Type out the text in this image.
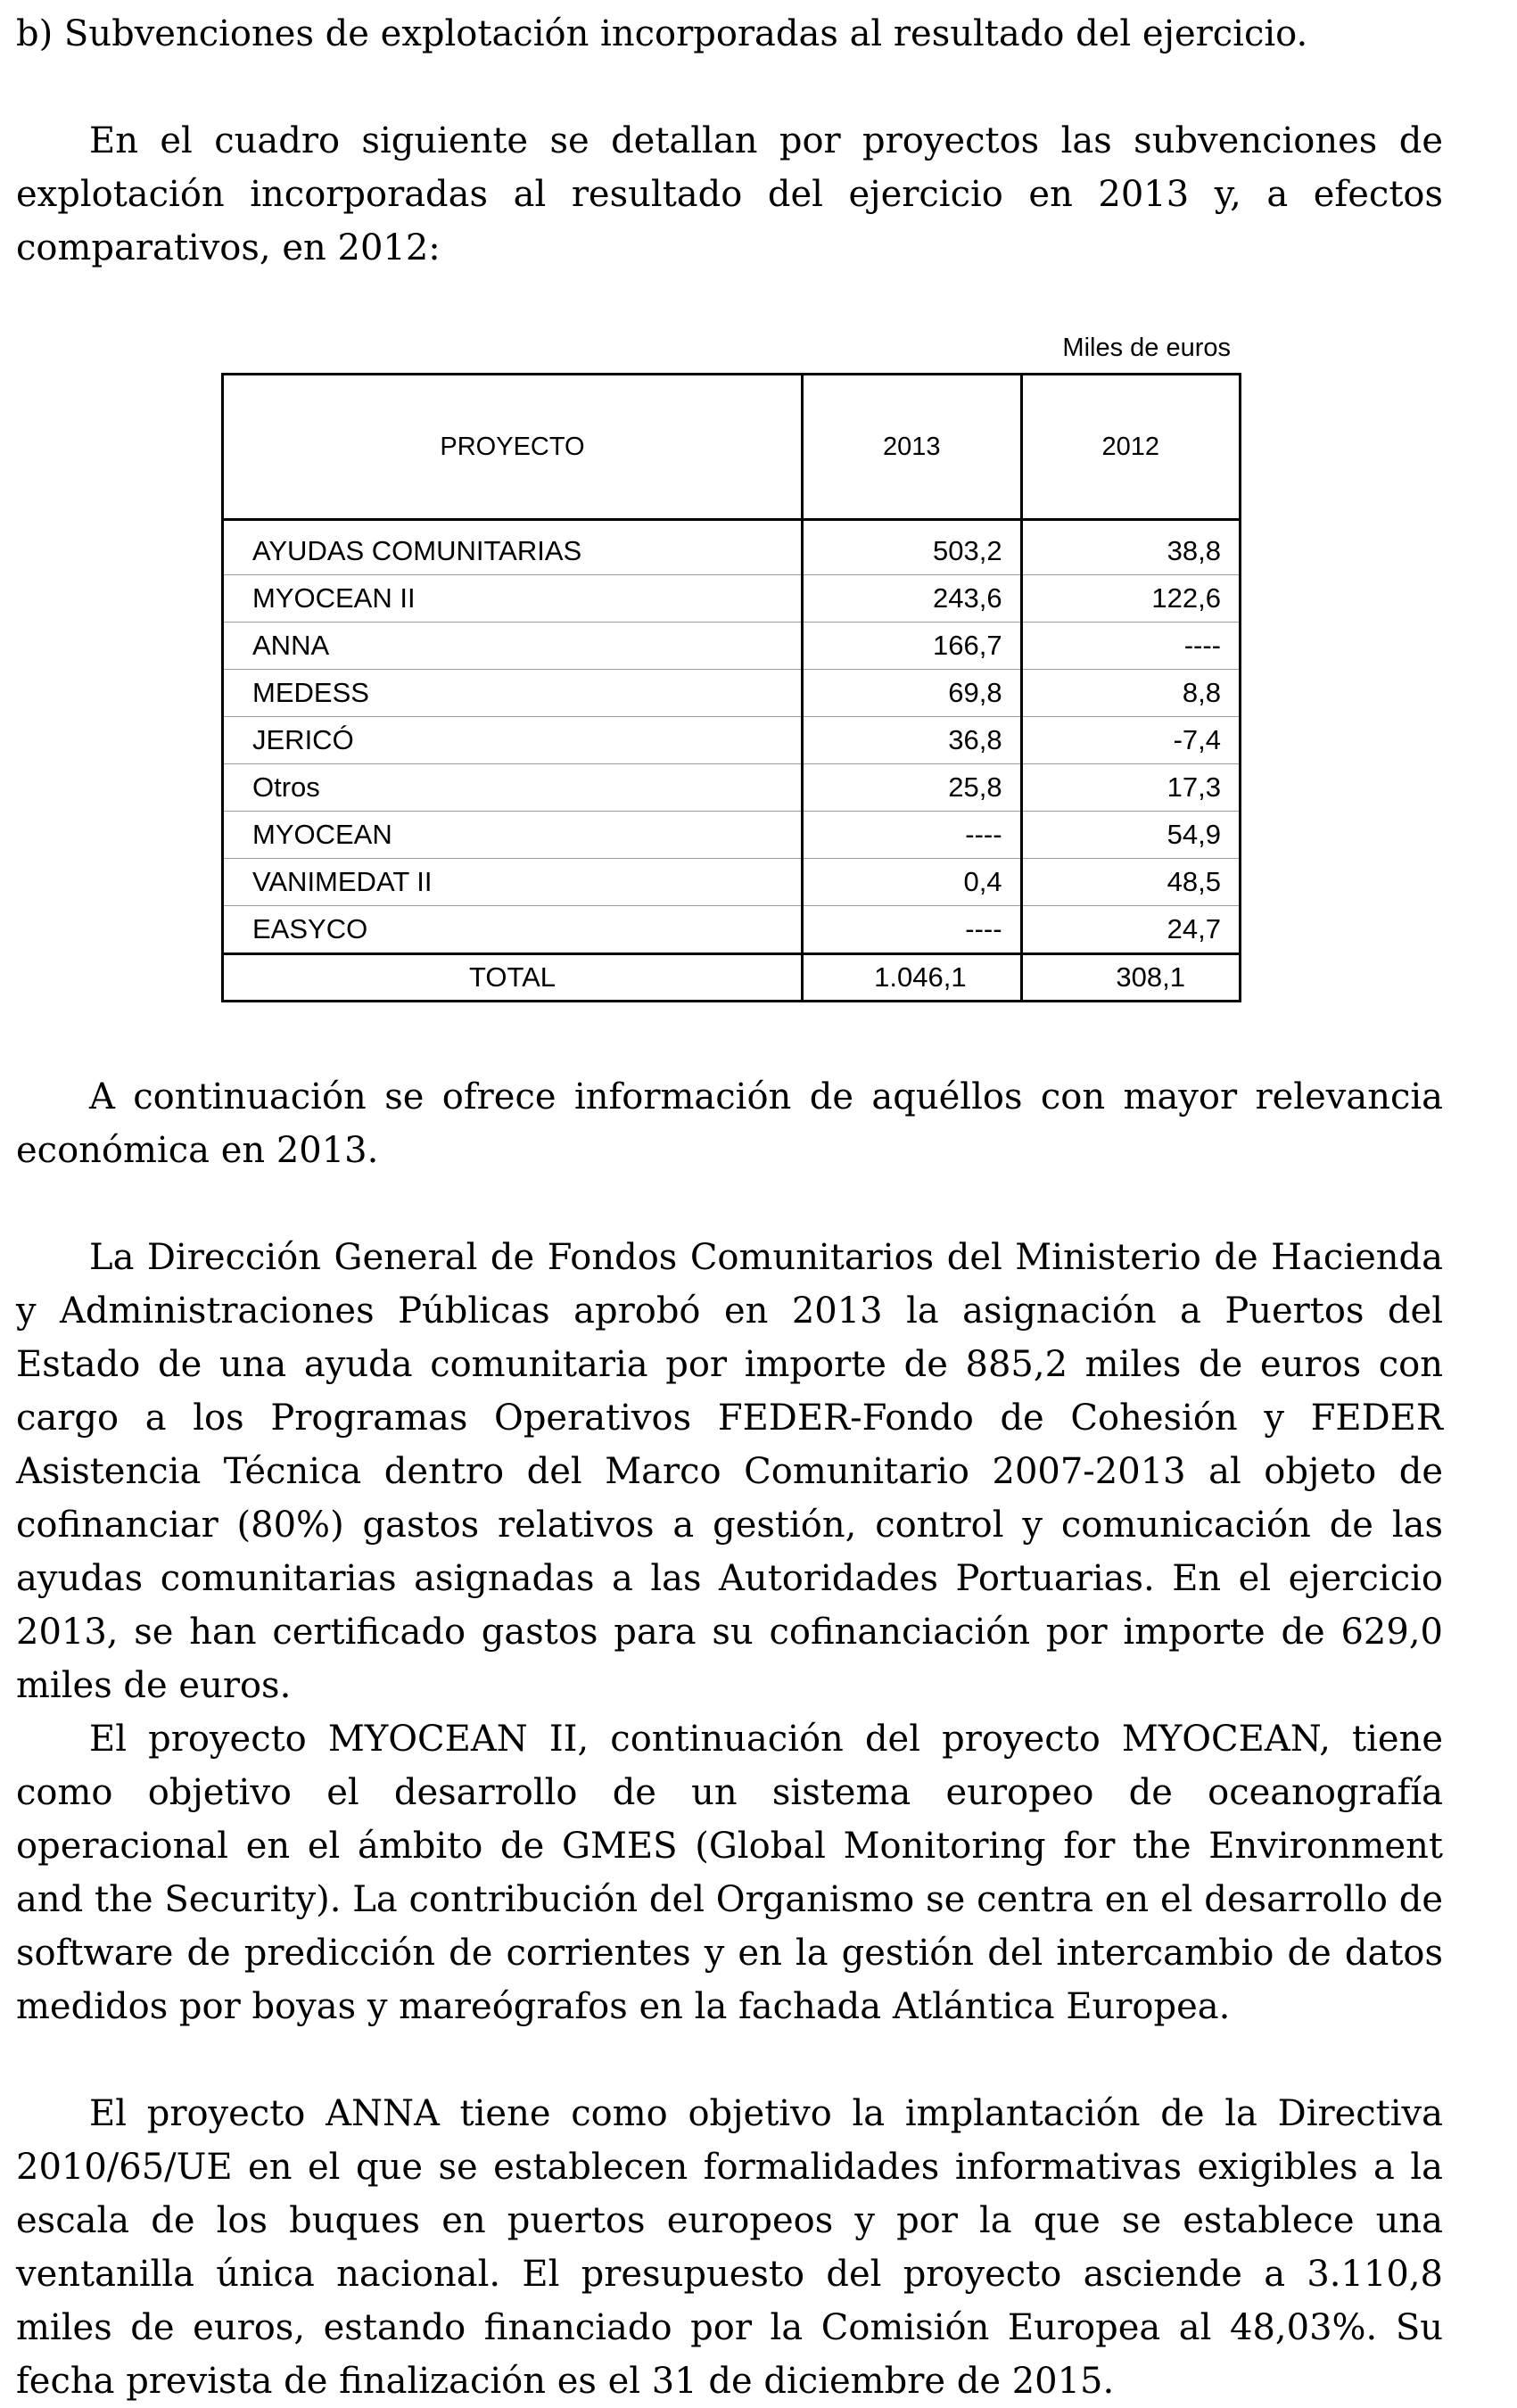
b) Subvenciones de explotación incorporadas al resultado del ejercicio.

En el cuadro siguiente se detallan por proyectos las subvenciones de explotación incorporadas al resultado del ejercicio en 2013 y, a efectos comparativos, en 2012:

Miles de euros
PROYECTO	2013	2012

AYUDAS COMUNITARIAS	503,2	38,8
MYOCEAN II	243,6	122,6
ANNA	166,7	----
MEDESS	69,8	8,8
JERICÓ	36,8	-7,4
Otros	25,8	17,3
MYOCEAN	----	54,9
VANIMEDAT II	0,4	48,5
EASYCO	----	24,7
TOTAL	1.046,1	308,1

A continuación se ofrece información de aquéllos con mayor relevancia económica en 2013.

La Dirección General de Fondos Comunitarios del Ministerio de Hacienda y Administraciones Públicas aprobó en 2013 la asignación a Puertos del Estado de una ayuda comunitaria por importe de 885,2 miles de euros con cargo a los Programas Operativos FEDER-Fondo de Cohesión y FEDER Asistencia Técnica dentro del Marco Comunitario 2007-2013 al objeto de cofinanciar (80%) gastos relativos a gestión, control y comunicación de las ayudas comunitarias asignadas a las Autoridades Portuarias. En el ejercicio 2013, se han certificado gastos para su cofinanciación por importe de 629,0 miles de euros.

El proyecto MYOCEAN II, continuación del proyecto MYOCEAN, tiene como objetivo el desarrollo de un sistema europeo de oceanografía operacional en el ámbito de GMES (Global Monitoring for the Environment and the Security). La contribución del Organismo se centra en el desarrollo de software de predicción de corrientes y en la gestión del intercambio de datos medidos por boyas y mareógrafos en la fachada Atlántica Europea.

El proyecto ANNA tiene como objetivo la implantación de la Directiva 2010/65/UE en el que se establecen formalidades informativas exigibles a la escala de los buques en puertos europeos y por la que se establece una ventanilla única nacional. El presupuesto del proyecto asciende a 3.110,8 miles de euros, estando financiado por la Comisión Europea al 48,03%. Su fecha prevista de finalización es el 31 de diciembre de 2015.
